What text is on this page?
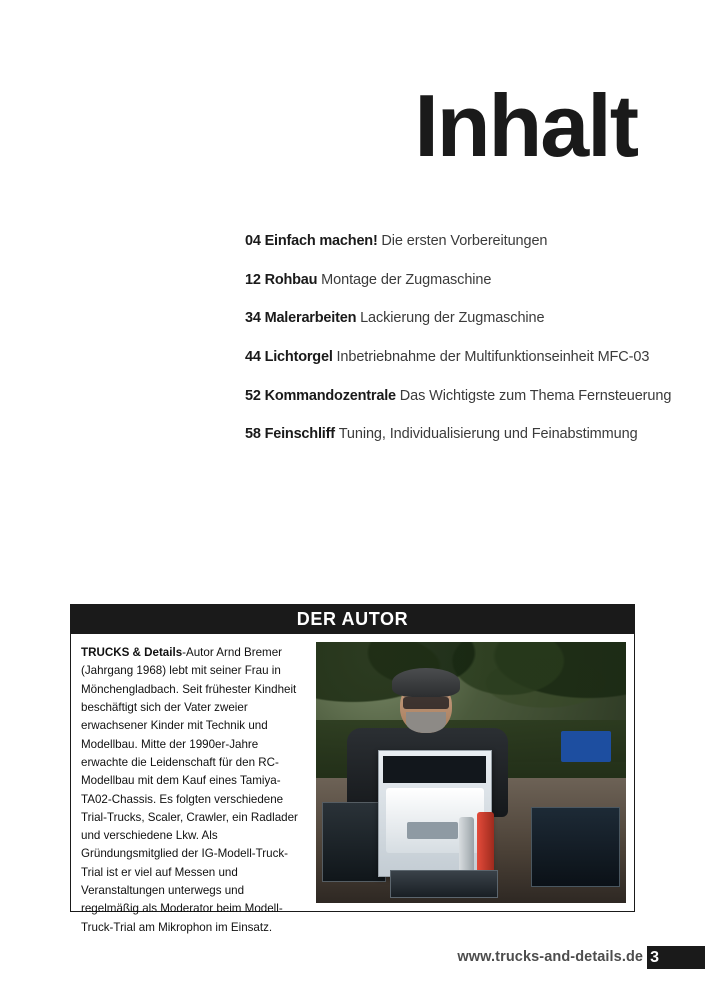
Inhalt
04 Einfach machen! Die ersten Vorbereitungen
12 Rohbau Montage der Zugmaschine
34 Malerarbeiten Lackierung der Zugmaschine
44 Lichtorgel Inbetriebnahme der Multifunktionseinheit MFC-03
52 Kommandozentrale Das Wichtigste zum Thema Fernsteuerung
58 Feinschliff Tuning, Individualisierung und Feinabstimmung
DER AUTOR
TRUCKS & Details-Autor Arnd Bremer (Jahrgang 1968) lebt mit seiner Frau in Mönchengladbach. Seit frühester Kindheit beschäftigt sich der Vater zweier erwachsener Kinder mit Technik und Modellbau. Mitte der 1990er-Jahre erwachte die Leidenschaft für den RC-Modellbau mit dem Kauf eines Tamiya-TA02-Chassis. Es folgten verschiedene Trial-Trucks, Scaler, Crawler, ein Radlader und verschiedene Lkw. Als Gründungsmitglied der IG-Modell-Truck-Trial ist er viel auf Messen und Veranstaltungen unterwegs und regelmäßig als Moderator beim Modell-Truck-Trial am Mikrophon im Einsatz.
www.trucks-and-details.de 3
